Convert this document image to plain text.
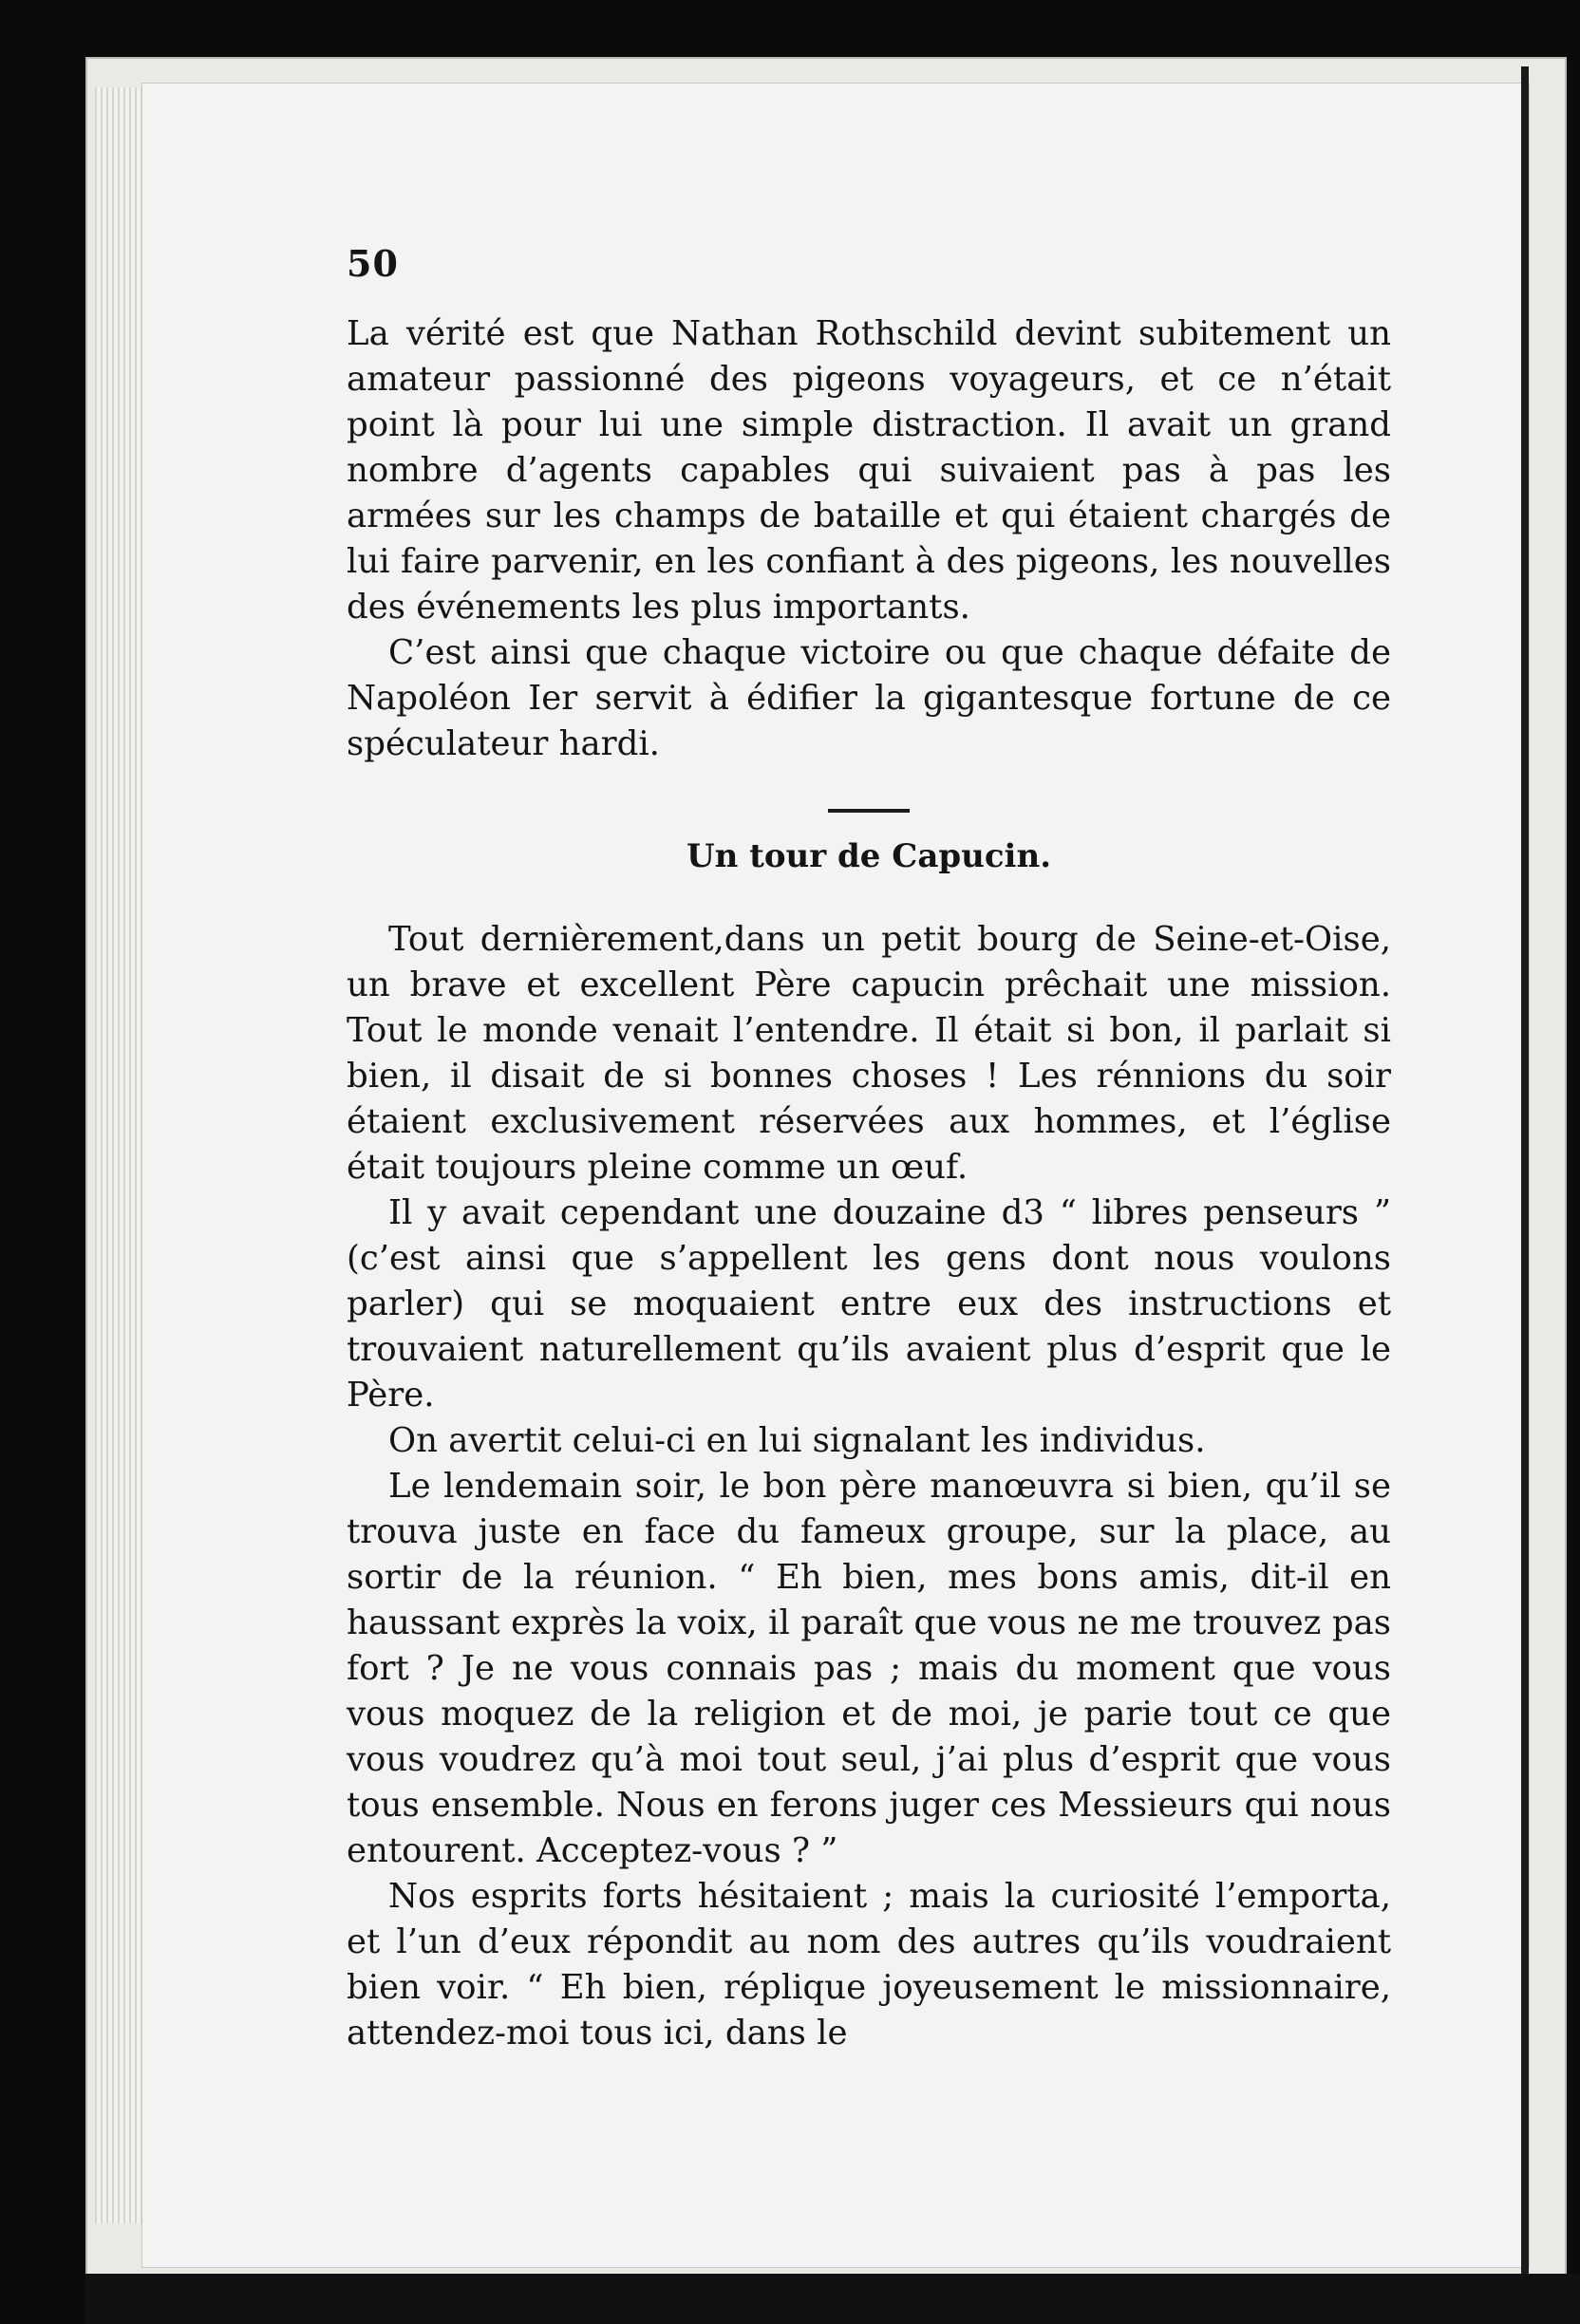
50

La vérité est que Nathan Rothschild devint subitement un amateur passionné des pigeons voyageurs, et ce n’était point là pour lui une simple distraction. Il avait un grand nombre d’agents capables qui suivaient pas à pas les armées sur les champs de bataille et qui étaient chargés de lui faire parvenir, en les confiant à des pigeons, les nouvelles des événements les plus importants.

C’est ainsi que chaque victoire ou que chaque défaite de Napoléon Ier servit à édifier la gigantesque fortune de ce spéculateur hardi.

Un tour de Capucin.

Tout dernièrement,dans un petit bourg de Seine-et-Oise, un brave et excellent Père capucin prêchait une mission. Tout le monde venait l’entendre. Il était si bon, il parlait si bien, il disait de si bonnes choses ! Les rénnions du soir étaient exclusivement réservées aux hommes, et l’église était toujours pleine comme un œuf.

Il y avait cependant une douzaine d3 “ libres penseurs ” (c’est ainsi que s’appellent les gens dont nous voulons parler) qui se moquaient entre eux des instructions et trouvaient naturellement qu’ils avaient plus d’esprit que le Père.

On avertit celui-ci en lui signalant les individus.

Le lendemain soir, le bon père manœuvra si bien, qu’il se trouva juste en face du fameux groupe, sur la place, au sortir de la réunion. “ Eh bien, mes bons amis, dit-il en haussant exprès la voix, il paraît que vous ne me trouvez pas fort ? Je ne vous connais pas ; mais du moment que vous vous moquez de la religion et de moi, je parie tout ce que vous voudrez qu’à moi tout seul, j’ai plus d’esprit que vous tous ensemble. Nous en ferons juger ces Messieurs qui nous entourent. Acceptez-vous ? ”

Nos esprits forts hésitaient ; mais la curiosité l’emporta, et l’un d’eux répondit au nom des autres qu’ils voudraient bien voir. “ Eh bien, réplique joyeusement le missionnaire, attendez-moi tous ici, dans le
